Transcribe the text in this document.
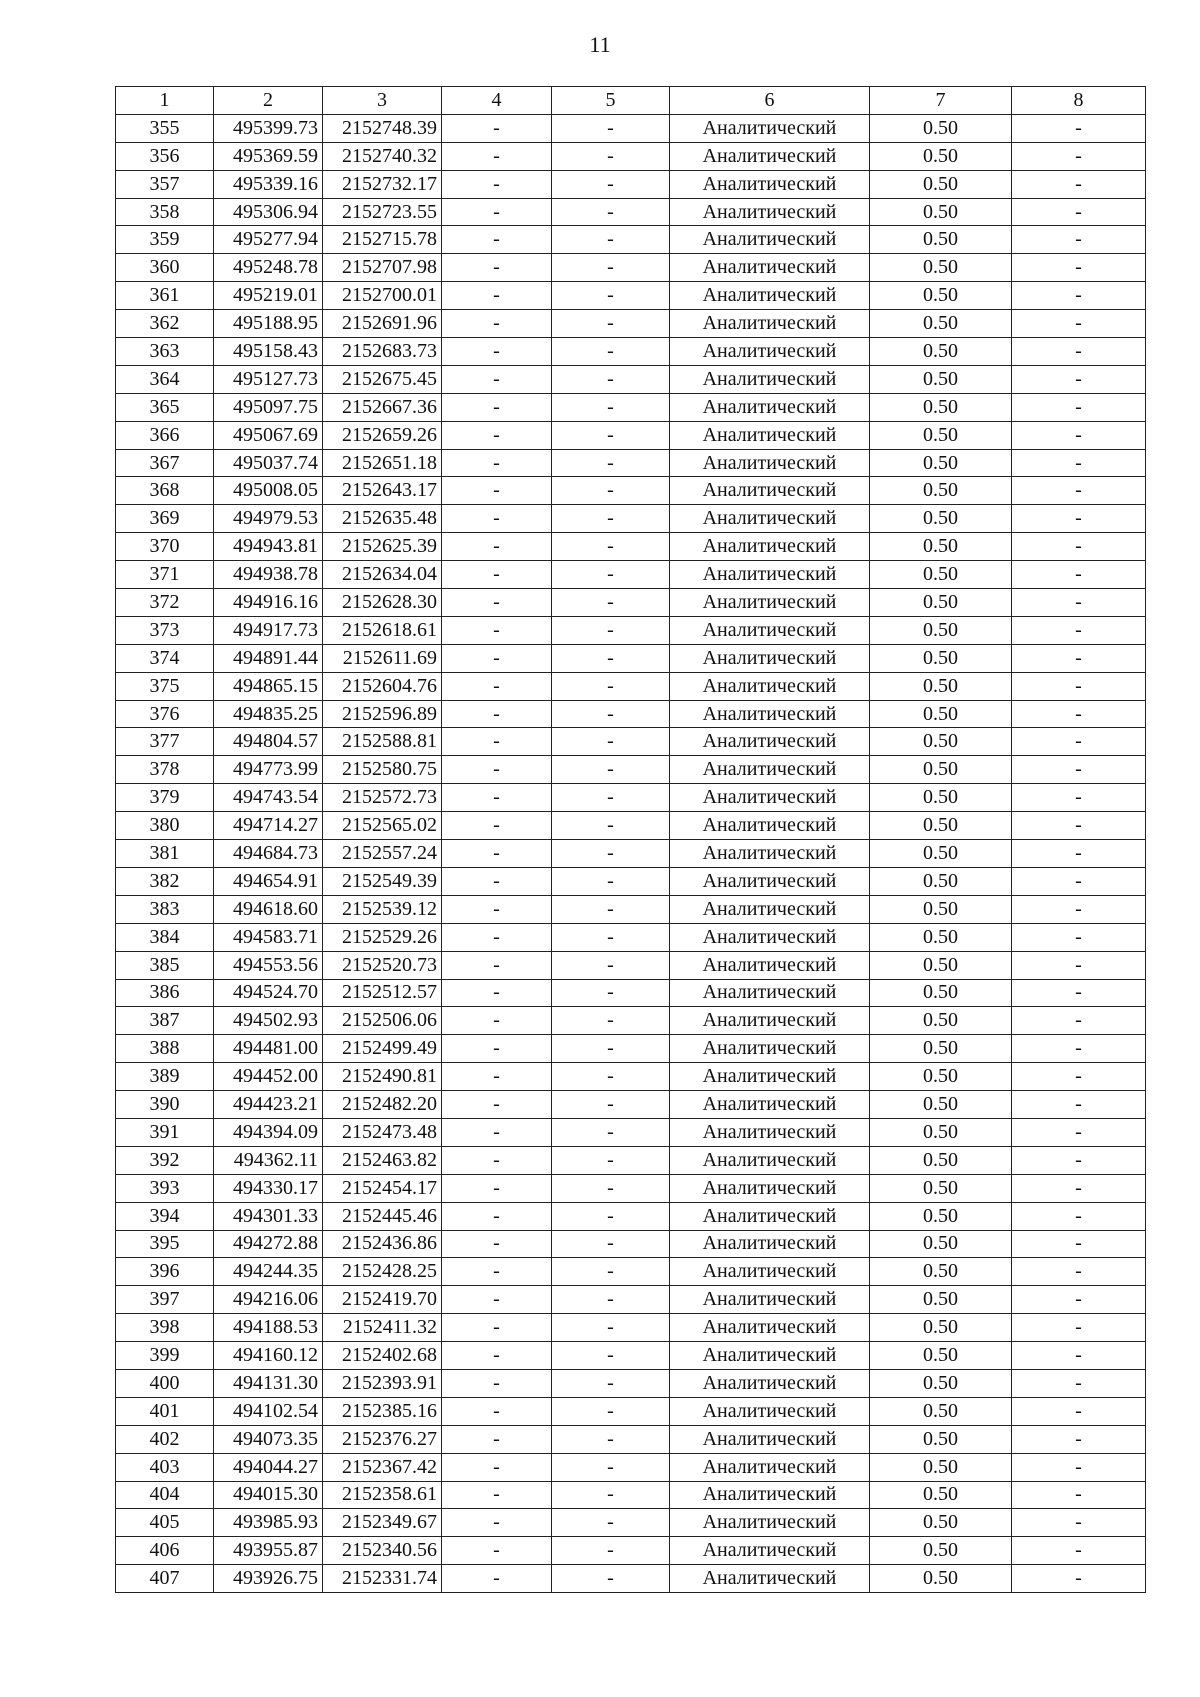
11
1	2	3	4	5	6	7	8
355	495399.73	2152748.39	-	-	Аналитический	0.50	-
356	495369.59	2152740.32	-	-	Аналитический	0.50	-
357	495339.16	2152732.17	-	-	Аналитический	0.50	-
358	495306.94	2152723.55	-	-	Аналитический	0.50	-
359	495277.94	2152715.78	-	-	Аналитический	0.50	-
360	495248.78	2152707.98	-	-	Аналитический	0.50	-
361	495219.01	2152700.01	-	-	Аналитический	0.50	-
362	495188.95	2152691.96	-	-	Аналитический	0.50	-
363	495158.43	2152683.73	-	-	Аналитический	0.50	-
364	495127.73	2152675.45	-	-	Аналитический	0.50	-
365	495097.75	2152667.36	-	-	Аналитический	0.50	-
366	495067.69	2152659.26	-	-	Аналитический	0.50	-
367	495037.74	2152651.18	-	-	Аналитический	0.50	-
368	495008.05	2152643.17	-	-	Аналитический	0.50	-
369	494979.53	2152635.48	-	-	Аналитический	0.50	-
370	494943.81	2152625.39	-	-	Аналитический	0.50	-
371	494938.78	2152634.04	-	-	Аналитический	0.50	-
372	494916.16	2152628.30	-	-	Аналитический	0.50	-
373	494917.73	2152618.61	-	-	Аналитический	0.50	-
374	494891.44	2152611.69	-	-	Аналитический	0.50	-
375	494865.15	2152604.76	-	-	Аналитический	0.50	-
376	494835.25	2152596.89	-	-	Аналитический	0.50	-
377	494804.57	2152588.81	-	-	Аналитический	0.50	-
378	494773.99	2152580.75	-	-	Аналитический	0.50	-
379	494743.54	2152572.73	-	-	Аналитический	0.50	-
380	494714.27	2152565.02	-	-	Аналитический	0.50	-
381	494684.73	2152557.24	-	-	Аналитический	0.50	-
382	494654.91	2152549.39	-	-	Аналитический	0.50	-
383	494618.60	2152539.12	-	-	Аналитический	0.50	-
384	494583.71	2152529.26	-	-	Аналитический	0.50	-
385	494553.56	2152520.73	-	-	Аналитический	0.50	-
386	494524.70	2152512.57	-	-	Аналитический	0.50	-
387	494502.93	2152506.06	-	-	Аналитический	0.50	-
388	494481.00	2152499.49	-	-	Аналитический	0.50	-
389	494452.00	2152490.81	-	-	Аналитический	0.50	-
390	494423.21	2152482.20	-	-	Аналитический	0.50	-
391	494394.09	2152473.48	-	-	Аналитический	0.50	-
392	494362.11	2152463.82	-	-	Аналитический	0.50	-
393	494330.17	2152454.17	-	-	Аналитический	0.50	-
394	494301.33	2152445.46	-	-	Аналитический	0.50	-
395	494272.88	2152436.86	-	-	Аналитический	0.50	-
396	494244.35	2152428.25	-	-	Аналитический	0.50	-
397	494216.06	2152419.70	-	-	Аналитический	0.50	-
398	494188.53	2152411.32	-	-	Аналитический	0.50	-
399	494160.12	2152402.68	-	-	Аналитический	0.50	-
400	494131.30	2152393.91	-	-	Аналитический	0.50	-
401	494102.54	2152385.16	-	-	Аналитический	0.50	-
402	494073.35	2152376.27	-	-	Аналитический	0.50	-
403	494044.27	2152367.42	-	-	Аналитический	0.50	-
404	494015.30	2152358.61	-	-	Аналитический	0.50	-
405	493985.93	2152349.67	-	-	Аналитический	0.50	-
406	493955.87	2152340.56	-	-	Аналитический	0.50	-
407	493926.75	2152331.74	-	-	Аналитический	0.50	-
